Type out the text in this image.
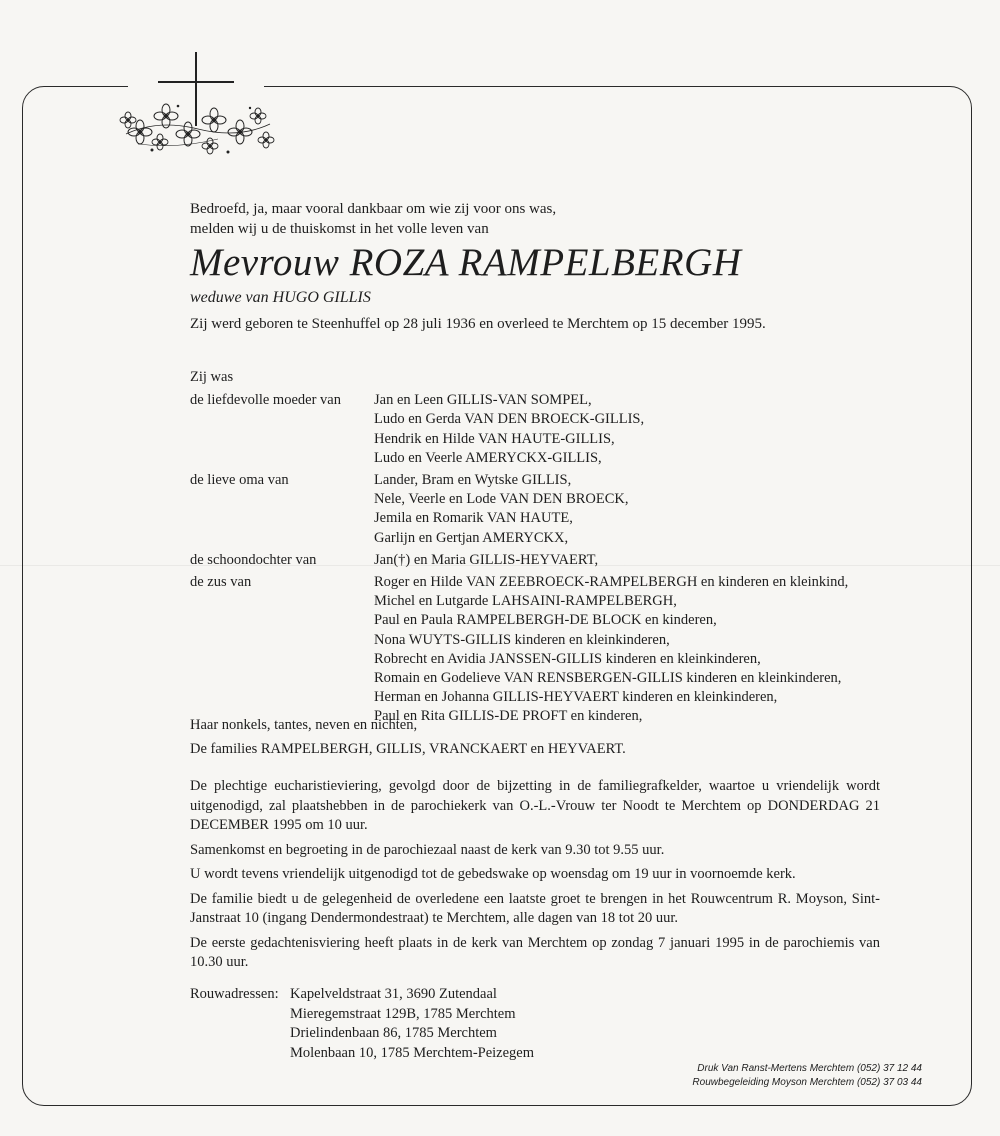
Bedroefd, ja, maar vooral dankbaar om wie zij voor ons was,
melden wij u de thuiskomst in het volle leven van
Mevrouw ROZA RAMPELBERGH
weduwe van HUGO GILLIS
Zij werd geboren te Steenhuffel op 28 juli 1936 en overleed te Merchtem op 15 december 1995.
Zij was
de liefdevolle moeder van	Jan en Leen GILLIS-VAN SOMPEL,
Ludo en Gerda VAN DEN BROECK-GILLIS,
Hendrik en Hilde VAN HAUTE-GILLIS,
Ludo en Veerle AMERYCKX-GILLIS,
de lieve oma van	Lander, Bram en Wytske GILLIS,
Nele, Veerle en Lode VAN DEN BROECK,
Jemila en Romarik VAN HAUTE,
Garlijn en Gertjan AMERYCKX,
de schoondochter van	Jan(†) en Maria GILLIS-HEYVAERT,
de zus van	Roger en Hilde VAN ZEEBROECK-RAMPELBERGH en kinderen en kleinkind,
Michel en Lutgarde LAHSAINI-RAMPELBERGH,
Paul en Paula RAMPELBERGH-DE BLOCK en kinderen,
Nona WUYTS-GILLIS kinderen en kleinkinderen,
Robrecht en Avidia JANSSEN-GILLIS kinderen en kleinkinderen,
Romain en Godelieve VAN RENSBERGEN-GILLIS kinderen en kleinkinderen,
Herman en Johanna GILLIS-HEYVAERT kinderen en kleinkinderen,
Paul en Rita GILLIS-DE PROFT en kinderen,
Haar nonkels, tantes, neven en nichten,
De families RAMPELBERGH, GILLIS, VRANCKAERT en HEYVAERT.

De plechtige eucharistieviering, gevolgd door de bijzetting in de familiegrafkelder, waartoe u vriendelijk wordt uitgenodigd, zal plaatshebben in de parochiekerk van O.-L.-Vrouw ter Noodt te Merchtem op DONDERDAG 21 DECEMBER 1995 om 10 uur.

Samenkomst en begroeting in de parochiezaal naast de kerk van 9.30 tot 9.55 uur.

U wordt tevens vriendelijk uitgenodigd tot de gebedswake op woensdag om 19 uur in voornoemde kerk.

De familie biedt u de gelegenheid de overledene een laatste groet te brengen in het Rouwcentrum R. Moyson, Sint-Janstraat 10 (ingang Dendermondestraat) te Merchtem, alle dagen van 18 tot 20 uur.

De eerste gedachtenisviering heeft plaats in de kerk van Merchtem op zondag 7 januari 1995 in de parochiemis van 10.30 uur.

Rouwadressen: Kapelveldstraat 31, 3690 Zutendaal
Mieregemstraat 129B, 1785 Merchtem
Drielindenbaan 86, 1785 Merchtem
Molenbaan 10, 1785 Merchtem-Peizegem
Druk Van Ranst-Mertens Merchtem (052) 37 12 44
Rouwbegeleiding Moyson Merchtem (052) 37 03 44
